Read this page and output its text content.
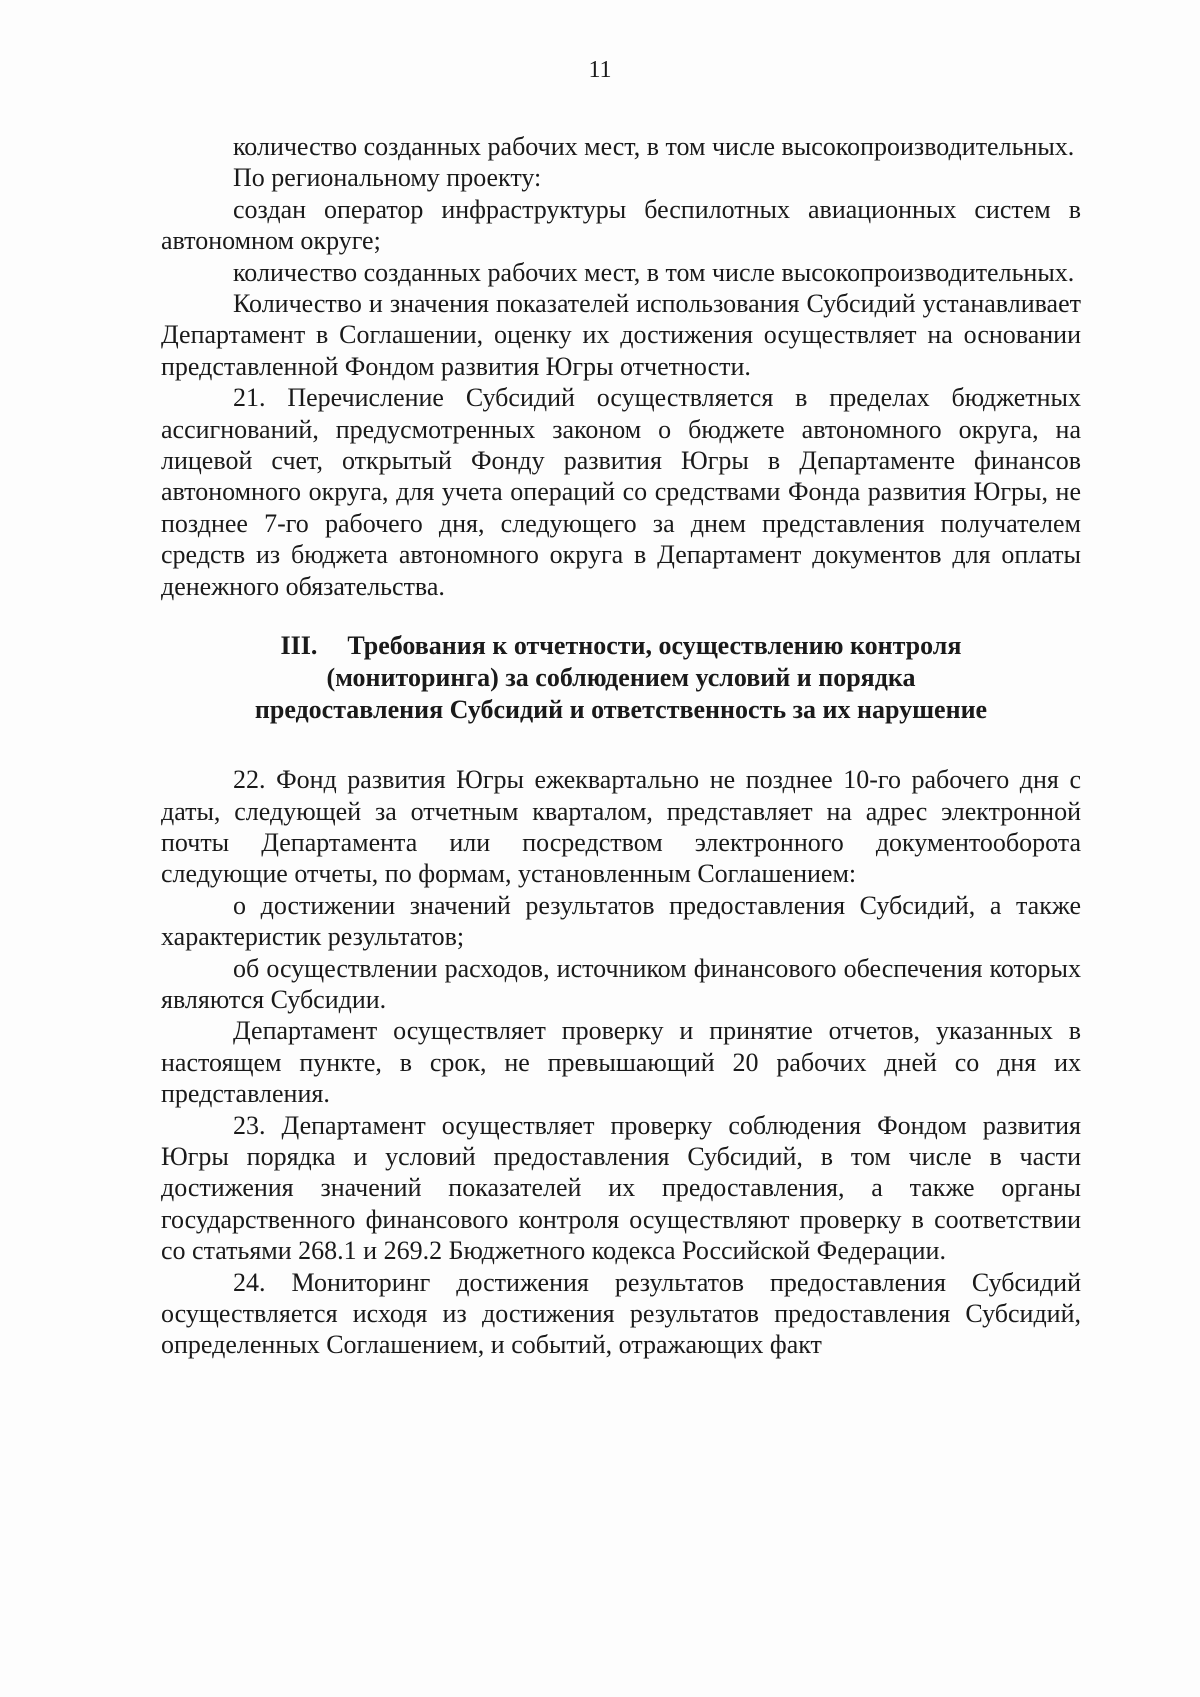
11

количество созданных рабочих мест, в том числе высокопроизводительных.

По региональному проекту:

создан оператор инфраструктуры беспилотных авиационных систем в автономном округе;

количество созданных рабочих мест, в том числе высокопроизводительных.

Количество и значения показателей использования Субсидий устанавливает Департамент в Соглашении, оценку их достижения осуществляет на основании представленной Фондом развития Югры отчетности.

21. Перечисление Субсидий осуществляется в пределах бюджетных ассигнований, предусмотренных законом о бюджете автономного округа, на лицевой счет, открытый Фонду развития Югры в Департаменте финансов автономного округа, для учета операций со средствами Фонда развития Югры, не позднее 7-го рабочего дня, следующего за днем представления получателем средств из бюджета автономного округа в Департамент документов для оплаты денежного обязательства.

III. Требования к отчетности, осуществлению контроля
(мониторинга) за соблюдением условий и порядка
предоставления Субсидий и ответственность за их нарушение

22. Фонд развития Югры ежеквартально не позднее 10-го рабочего дня с даты, следующей за отчетным кварталом, представляет на адрес электронной почты Департамента или посредством электронного документооборота следующие отчеты, по формам, установленным Соглашением:

о достижении значений результатов предоставления Субсидий, а также характеристик результатов;

об осуществлении расходов, источником финансового обеспечения которых являются Субсидии.

Департамент осуществляет проверку и принятие отчетов, указанных в настоящем пункте, в срок, не превышающий 20 рабочих дней со дня их представления.

23. Департамент осуществляет проверку соблюдения Фондом развития Югры порядка и условий предоставления Субсидий, в том числе в части достижения значений показателей их предоставления, а также органы государственного финансового контроля осуществляют проверку в соответствии со статьями 268.1 и 269.2 Бюджетного кодекса Российской Федерации.

24. Мониторинг достижения результатов предоставления Субсидий осуществляется исходя из достижения результатов предоставления Субсидий, определенных Соглашением, и событий, отражающих факт
